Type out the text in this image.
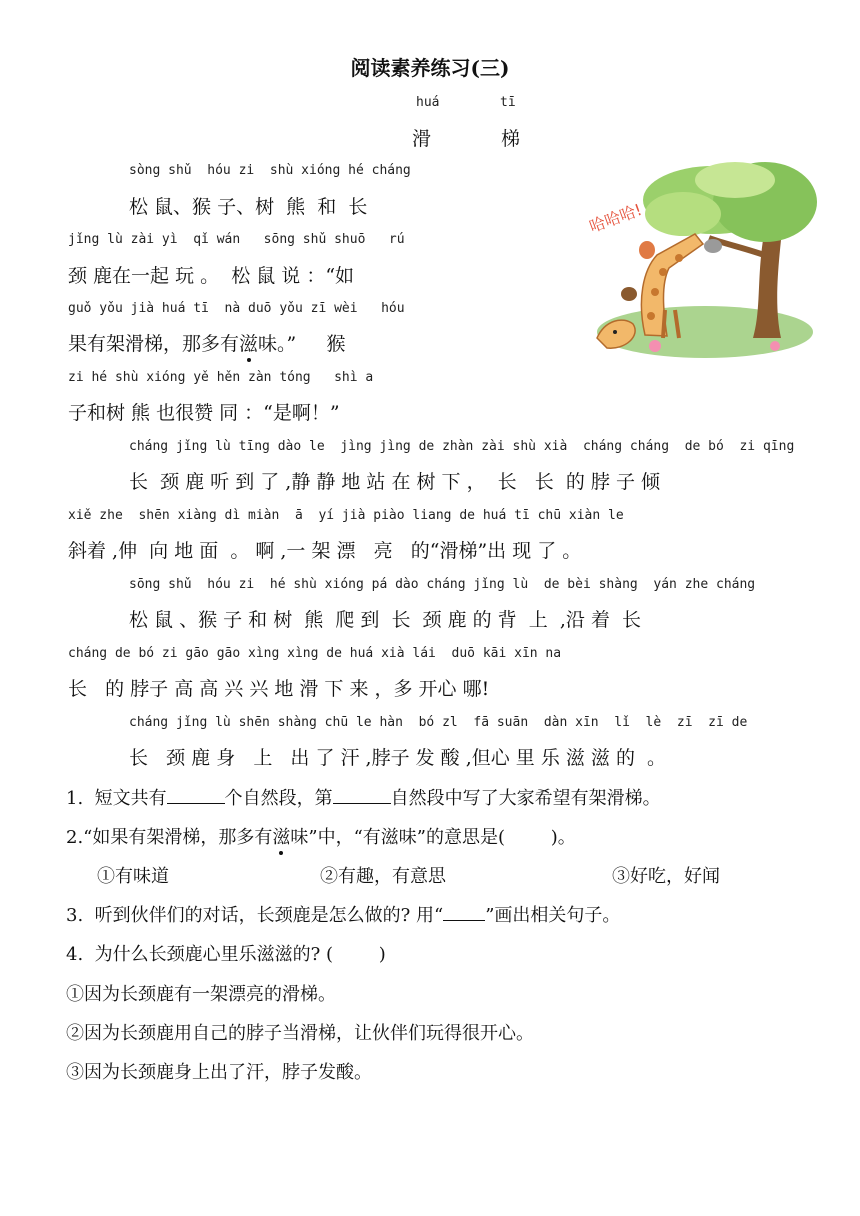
阅读素养练习(三)
huá	tī
滑	梯
哈哈哈!
sòng shǔ  hóu zi  shù xióng hé cháng
松 鼠、猴 子、树  熊  和  长
jǐng lù zài yì  qǐ wán   sōng shǔ shuō   rú
颈 鹿在一起 玩 。  松 鼠 说 ：“如
guǒ yǒu jià huá tī  nà duō yǒu zī wèi   hóu
果有架滑梯，那多有滋味。”     猴
zi hé shù xióng yě hěn zàn tóng   shì a
子和树 熊 也很赞 同 ：“是啊！”
cháng jǐng lù tīng dào le  jìng jìng de zhàn zài shù xià  cháng cháng  de bó  zi qīng
长  颈 鹿 听 到 了 ,静 静 地 站 在 树 下 ，  长   长  的 脖 子 倾
xiě zhe  shēn xiàng dì miàn  ā  yí jià piào liang de huá tī chū xiàn le
斜着 ,伸  向 地 面  。 啊 ,一 架 漂   亮   的“滑梯”出 现 了 。
sōng shǔ  hóu zi  hé shù xióng pá dào cháng jǐng lù  de bèi shàng  yán zhe cháng
松 鼠 、猴 子 和 树  熊  爬 到  长  颈 鹿 的 背  上  ,沿 着  长
cháng de bó zi gāo gāo xìng xìng de huá xià lái  duō kāi xīn na
长   的 脖子 高 高 兴 兴 地 滑 下 来 ，多 开心 哪!
cháng jǐng lù shēn shàng chū le hàn  bó zl  fā suān  dàn xīn  lǐ  lè  zī  zī de
长   颈 鹿 身   上   出 了 汗 ,脖子 发 酸 ,但心 里 乐 滋 滋 的  。
1.  短文共有	个自然段，第	自然段中写了大家希望有架滑梯。
2.“如果有架滑梯，那多有滋味”中，“有滋味”的意思是(        )。
①有味道	②有趣，有意思	③好吃，好闻
3.  听到伙伴们的对话，长颈鹿是怎么做的? 用“ ”画出相关句子。
4.  为什么长颈鹿心里乐滋滋的? (        )
①因为长颈鹿有一架漂亮的滑梯。
②因为长颈鹿用自己的脖子当滑梯，让伙伴们玩得很开心。
③因为长颈鹿身上出了汗，脖子发酸。
